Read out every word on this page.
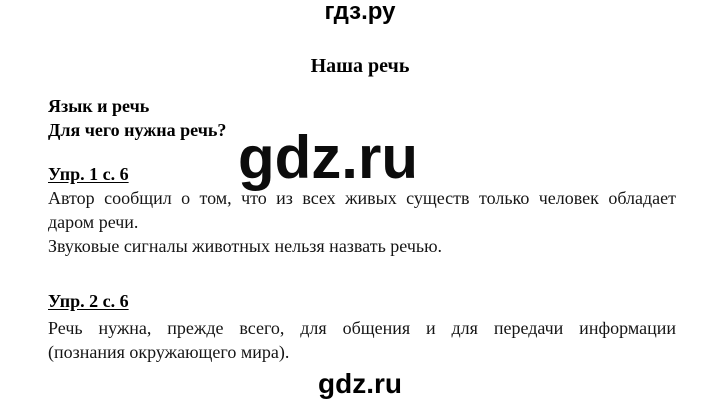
гдз.ру
Наша речь
Язык и речь
Для чего нужна речь? gdz.ru
Упр. 1 с. 6
Автор сообщил о том, что из всех живых существ только человек обладает
даром речи.
Звуковые сигналы животных нельзя назвать речью.
Упр. 2 с. 6
Речь нужна, прежде всего, для общения и для передачи информации
(познания окружающего мира).
gdz.ru
